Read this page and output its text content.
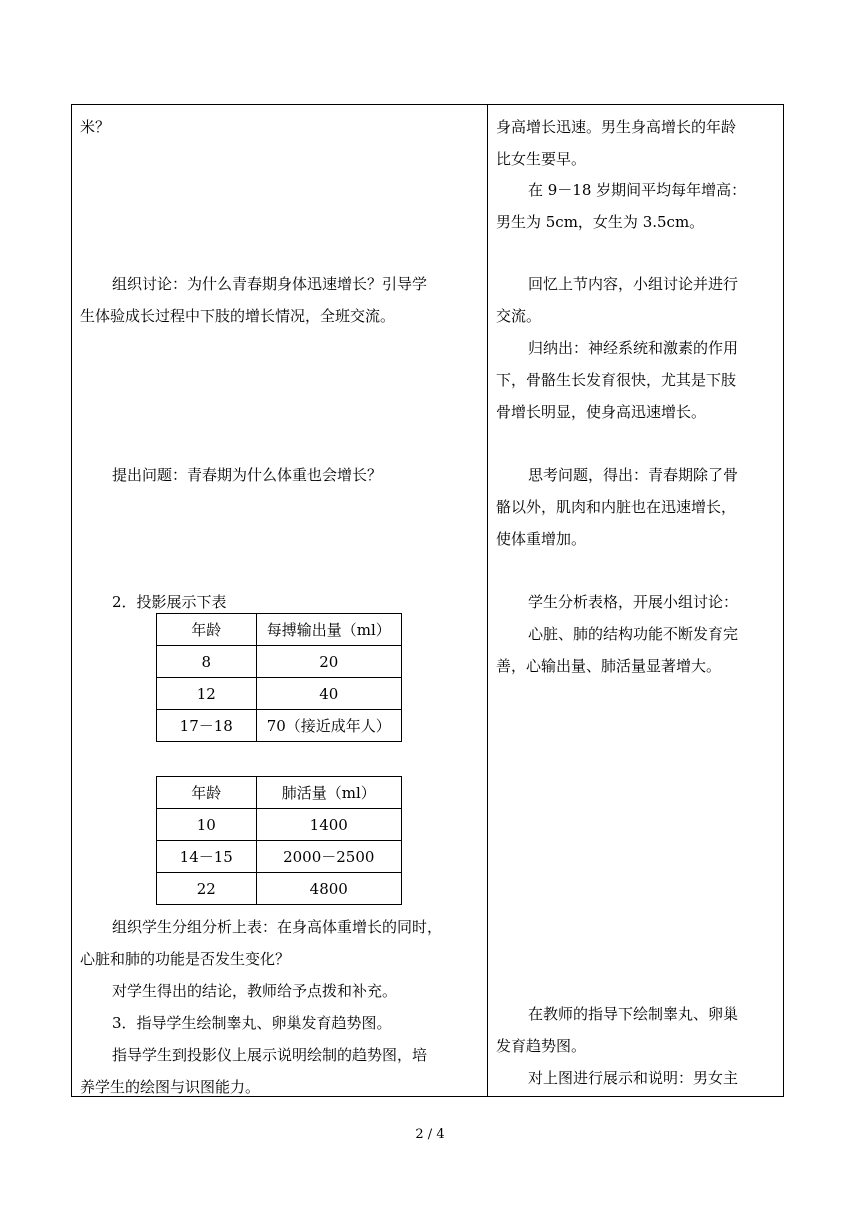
米？
组织讨论：为什么青春期身体迅速增长？引导学
生体验成长过程中下肢的增长情况，全班交流。
提出问题：青春期为什么体重也会增长？
2．投影展示下表
年龄	每搏输出量（ml）
8	20
12	40
17－18	70（接近成年人）
年龄	肺活量（ml）
10	1400
14－15	2000－2500
22	4800
组织学生分组分析上表：在身高体重增长的同时，
心脏和肺的功能是否发生变化？
对学生得出的结论，教师给予点拨和补充。
3．指导学生绘制睾丸、卵巢发育趋势图。
指导学生到投影仪上展示说明绘制的趋势图，培
养学生的绘图与识图能力。
身高增长迅速。男生身高增长的年龄
比女生要早。
在 9－18 岁期间平均每年增高：
男生为 5cm，女生为 3.5cm。
回忆上节内容，小组讨论并进行
交流。
归纳出：神经系统和激素的作用
下，骨骼生长发育很快，尤其是下肢
骨增长明显，使身高迅速增长。
思考问题，得出：青春期除了骨
骼以外，肌肉和内脏也在迅速增长，
使体重增加。
学生分析表格，开展小组讨论：
心脏、肺的结构功能不断发育完
善，心输出量、肺活量显著增大。
在教师的指导下绘制睾丸、卵巢
发育趋势图。
对上图进行展示和说明：男女主
2 / 4
